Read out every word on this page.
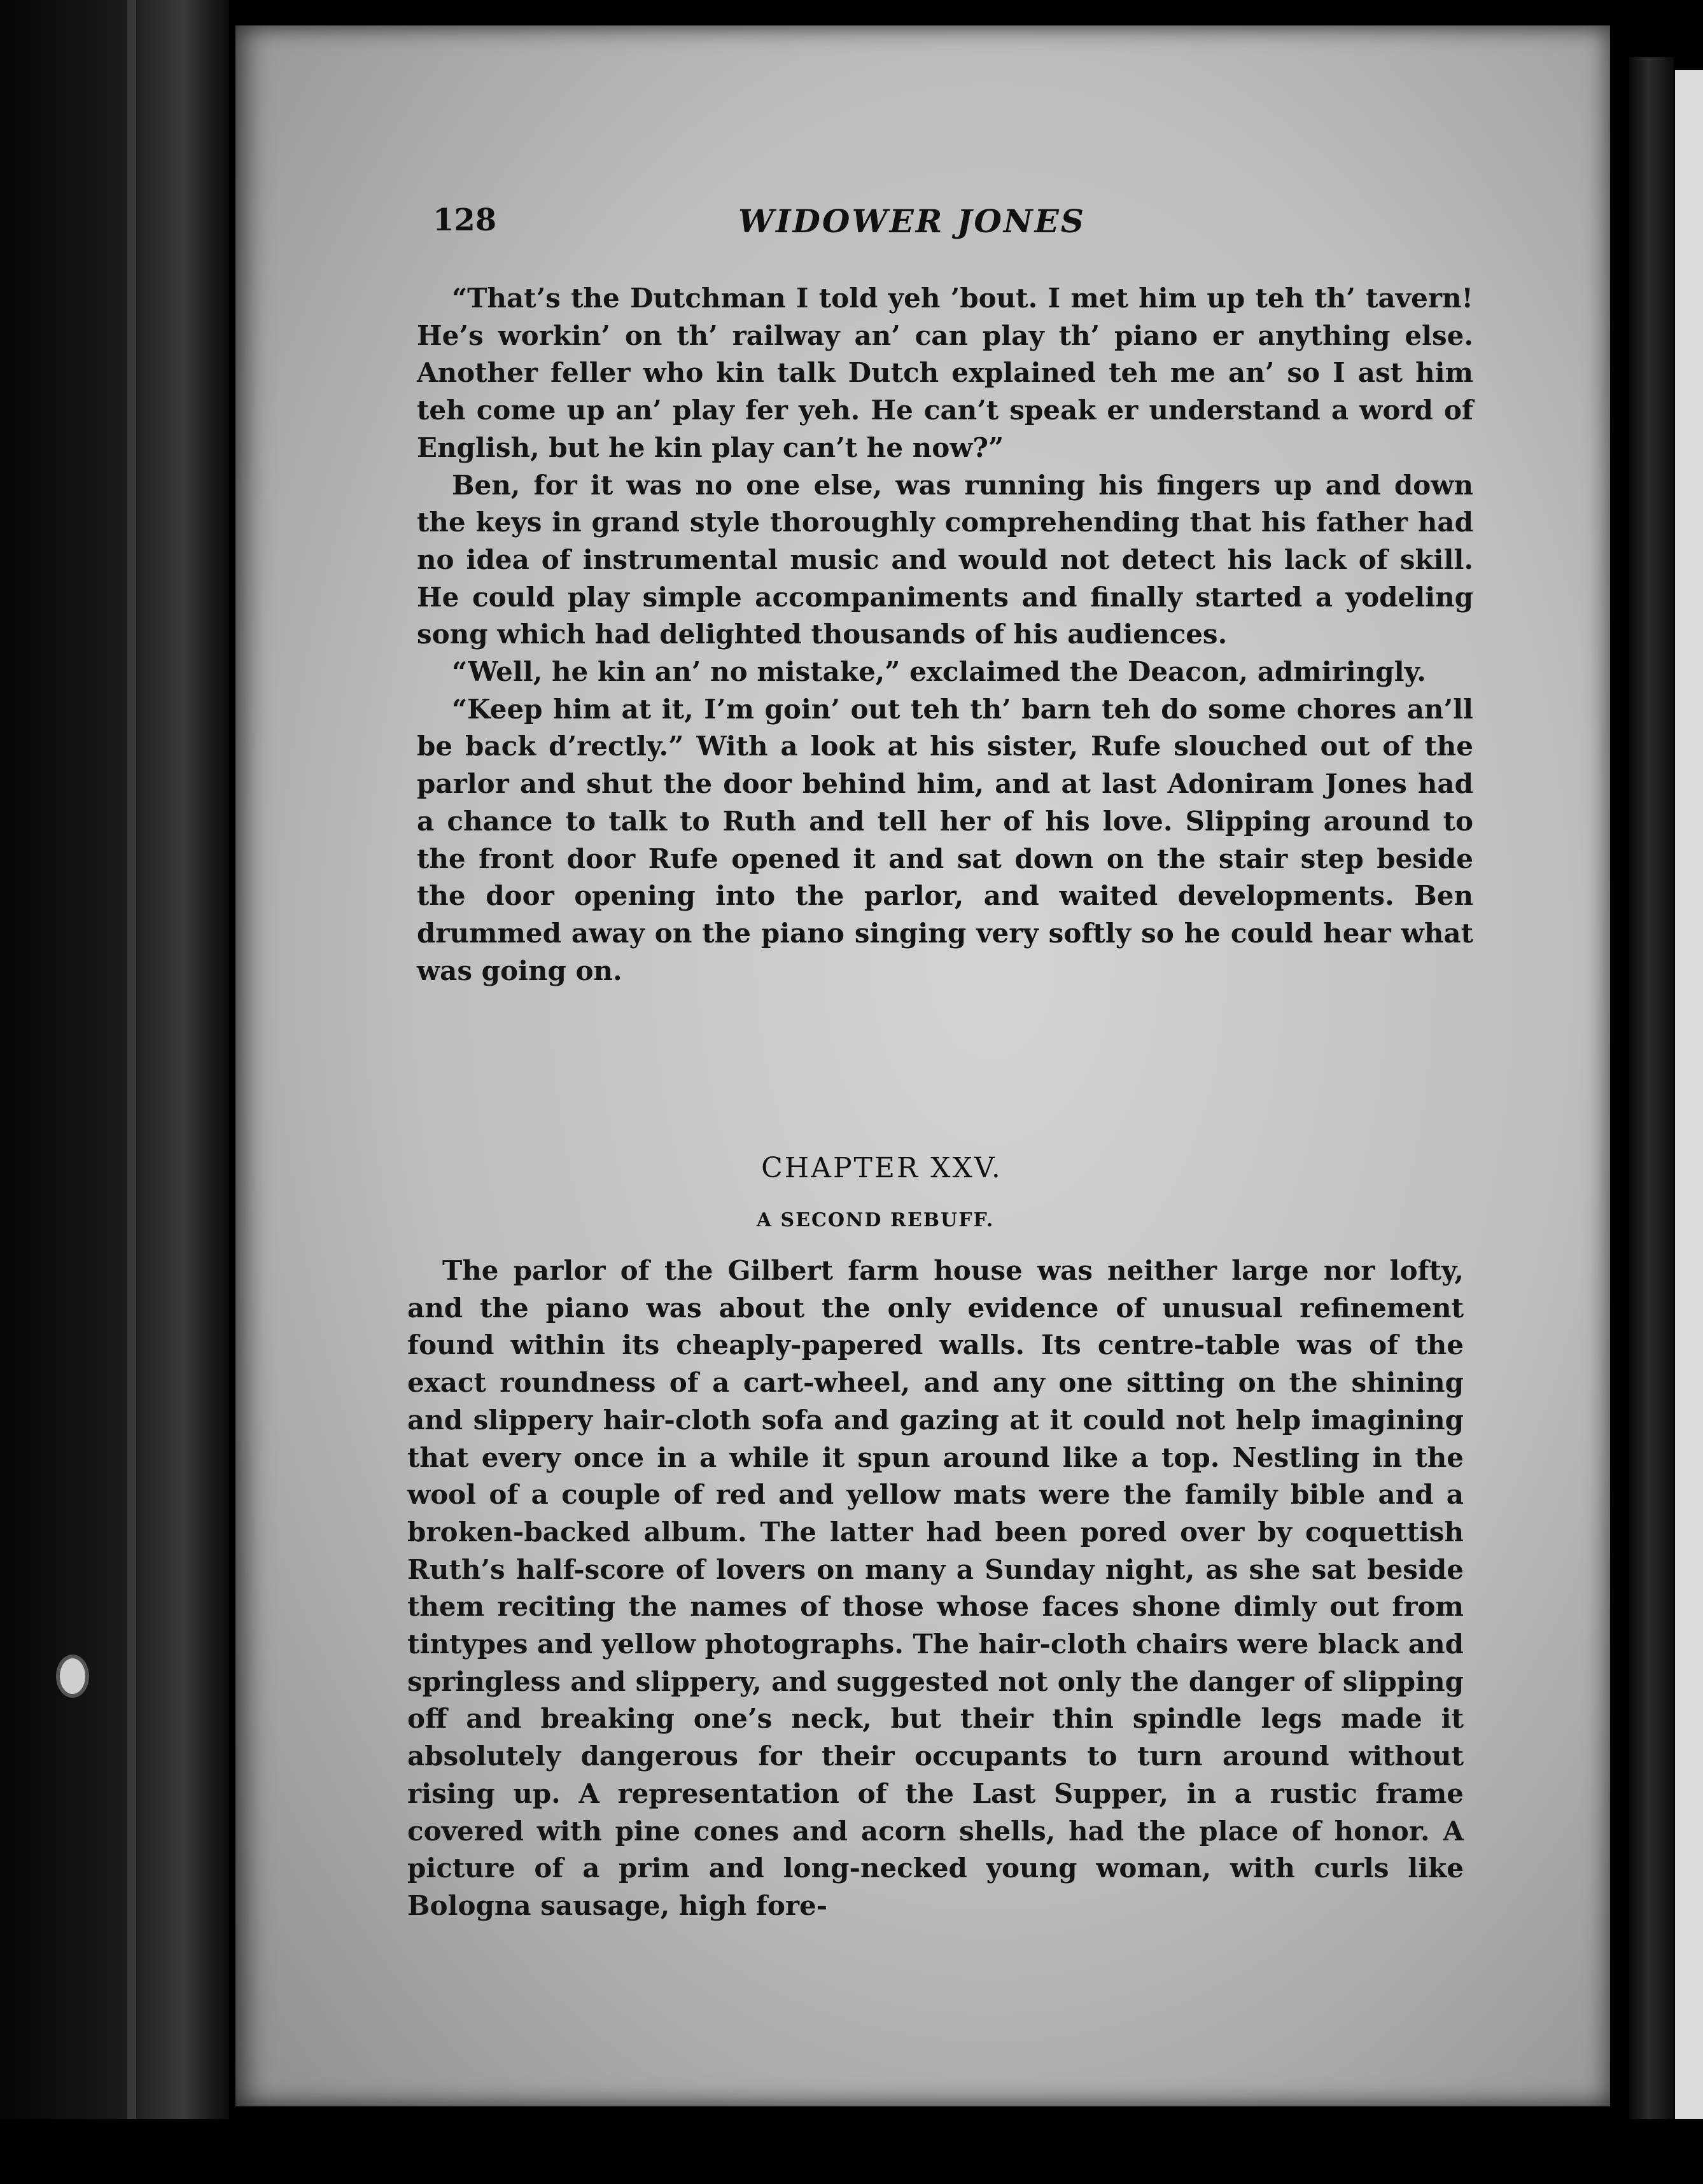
128	WIDOWER JONES

“That’s the Dutchman I told yeh ’bout. I met him up teh th’ tavern! He’s workin’ on th’ railway an’ can play th’ piano er anything else. Another feller who kin talk Dutch explained teh me an’ so I ast him teh come up an’ play fer yeh. He can’t speak er understand a word of English, but he kin play can’t he now?”

Ben, for it was no one else, was running his fingers up and down the keys in grand style thoroughly comprehending that his father had no idea of instrumental music and would not detect his lack of skill. He could play simple accompaniments and finally started a yodeling song which had delighted thousands of his audiences.

“Well, he kin an’ no mistake,” exclaimed the Deacon, admiringly.

“Keep him at it, I’m goin’ out teh th’ barn teh do some chores an’ll be back d’rectly.” With a look at his sister, Rufe slouched out of the parlor and shut the door behind him, and at last Adoniram Jones had a chance to talk to Ruth and tell her of his love. Slipping around to the front door Rufe opened it and sat down on the stair step beside the door opening into the parlor, and waited developments. Ben drummed away on the piano singing very softly so he could hear what was going on.

CHAPTER XXV.
A SECOND REBUFF.

The parlor of the Gilbert farm house was neither large nor lofty, and the piano was about the only evidence of unusual refinement found within its cheaply-papered walls. Its centre-table was of the exact roundness of a cart-wheel, and any one sitting on the shining and slippery hair-cloth sofa and gazing at it could not help imagining that every once in a while it spun around like a top. Nestling in the wool of a couple of red and yellow mats were the family bible and a broken-backed album. The latter had been pored over by coquettish Ruth’s half-score of lovers on many a Sunday night, as she sat beside them reciting the names of those whose faces shone dimly out from tintypes and yellow photographs. The hair-cloth chairs were black and springless and slippery, and suggested not only the danger of slipping off and breaking one’s neck, but their thin spindle legs made it absolutely dangerous for their occupants to turn around without rising up. A representation of the Last Supper, in a rustic frame covered with pine cones and acorn shells, had the place of honor. A picture of a prim and long-necked young woman, with curls like Bologna sausage, high fore-
